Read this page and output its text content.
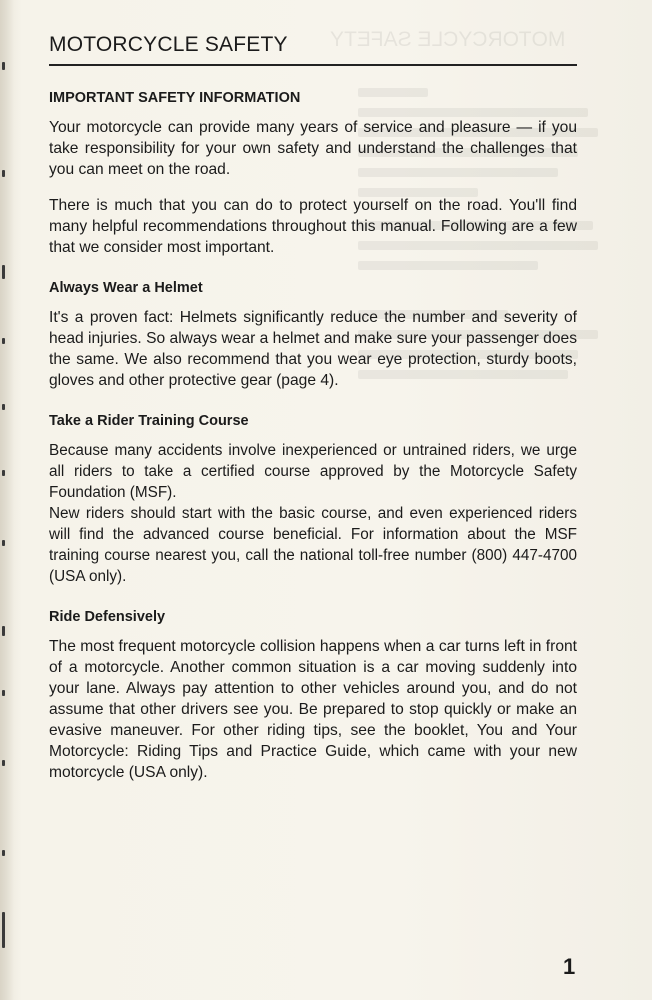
MOTORCYCLE SAFETY
MOTORCYCLE SAFETY
IMPORTANT SAFETY INFORMATION

Your motorcycle can provide many years of service and pleasure — if you take responsibility for your own safety and understand the challenges that you can meet on the road.

There is much that you can do to protect yourself on the road. You'll find many helpful recommendations throughout this manual. Following are a few that we consider most important.

Always Wear a Helmet

It's a proven fact: Helmets significantly reduce the number and severity of head injuries. So always wear a helmet and make sure your passenger does the same. We also recommend that you wear eye protection, sturdy boots, gloves and other protective gear (page 4).

Take a Rider Training Course

Because many accidents involve inexperienced or untrained riders, we urge all riders to take a certified course approved by the Motorcycle Safety Foundation (MSF).

New riders should start with the basic course, and even experienced riders will find the advanced course beneficial. For information about the MSF training course nearest you, call the national toll-free number (800) 447-4700 (USA only).

Ride Defensively

The most frequent motorcycle collision happens when a car turns left in front of a motorcycle. Another common situation is a car moving suddenly into your lane. Always pay attention to other vehicles around you, and do not assume that other drivers see you. Be prepared to stop quickly or make an evasive maneuver. For other riding tips, see the booklet, You and Your Motorcycle: Riding Tips and Practice Guide, which came with your new motorcycle (USA only).

1
